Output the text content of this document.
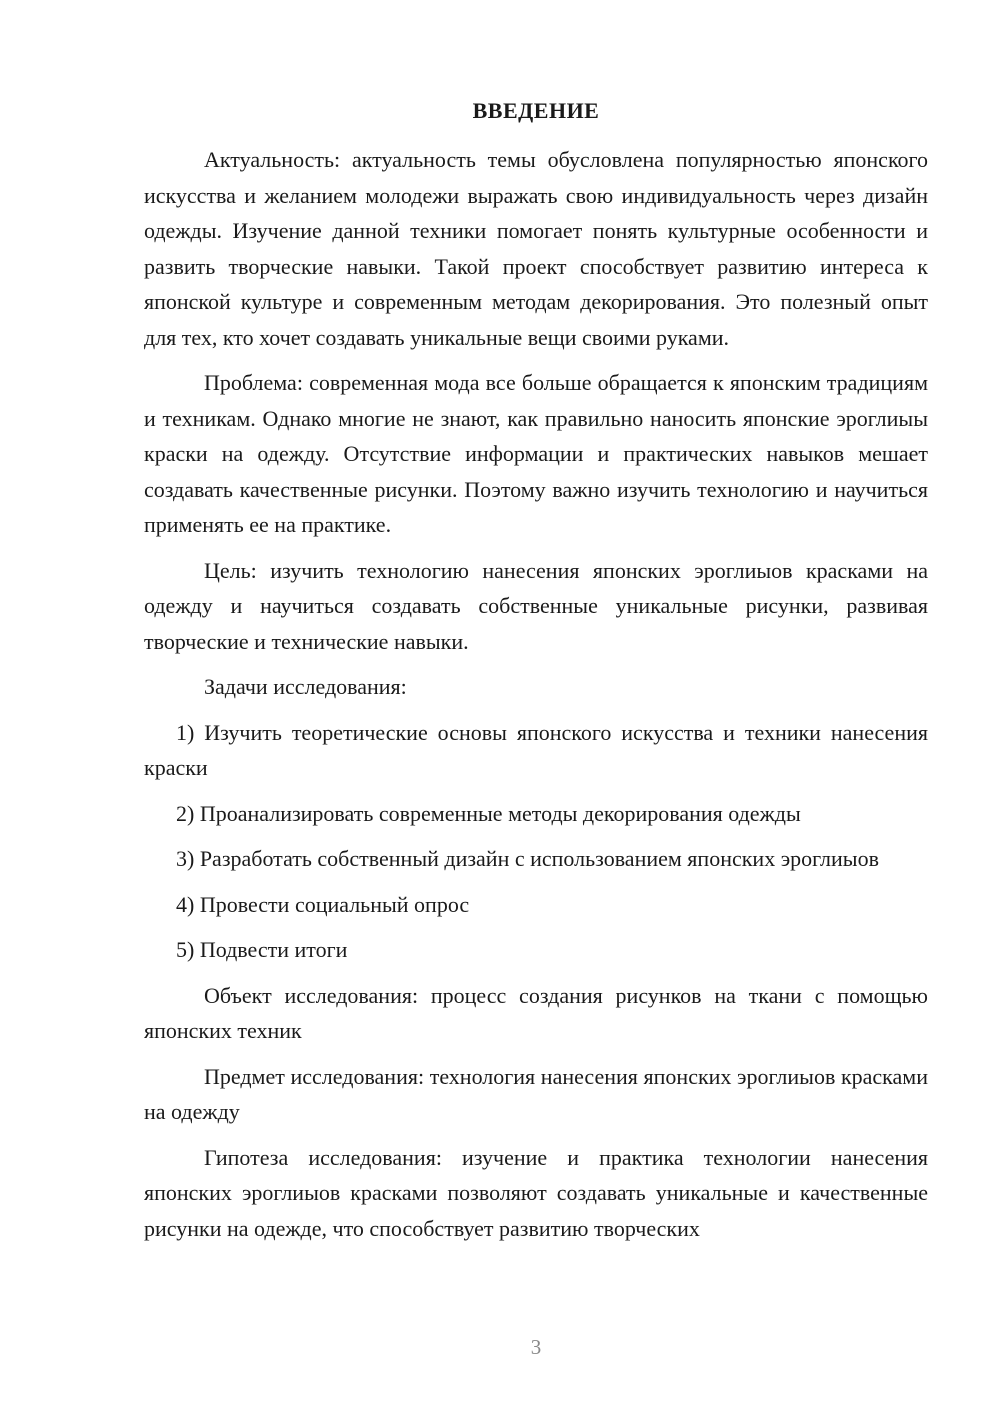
ВВЕДЕНИЕ

Актуальность: актуальность темы обусловлена популярностью японского искусства и желанием молодежи выражать свою индивидуальность через дизайн одежды. Изучение данной техники помогает понять культурные особенности и развить творческие навыки. Такой проект способствует развитию интереса к японской культуре и современным методам декорирования. Это полезный опыт для тех, кто хочет создавать уникальные вещи своими руками.

Проблема: современная мода все больше обращается к японским традициям и техникам. Однако многие не знают, как правильно наносить японские эроглиыы краски на одежду. Отсутствие информации и практических навыков мешает создавать качественные рисунки. Поэтому важно изучить технологию и научиться применять ее на практике.

Цель: изучить технологию нанесения японских эроглиыов красками на одежду и научиться создавать собственные уникальные рисунки, развивая творческие и технические навыки.

Задачи исследования:

1) Изучить теоретические основы японского искусства и техники нанесения краски

2) Проанализировать современные методы декорирования одежды

3) Разработать собственный дизайн с использованием японских эроглиыов

4) Провести социальный опрос

5) Подвести итоги

Объект исследования: процесс создания рисунков на ткани с помощью японских техник

Предмет исследования: технология нанесения японских эроглиыов красками на одежду

Гипотеза исследования: изучение и практика технологии нанесения японских эроглиыов красками позволяют создавать уникальные и качественные рисунки на одежде, что способствует развитию творческих

3
